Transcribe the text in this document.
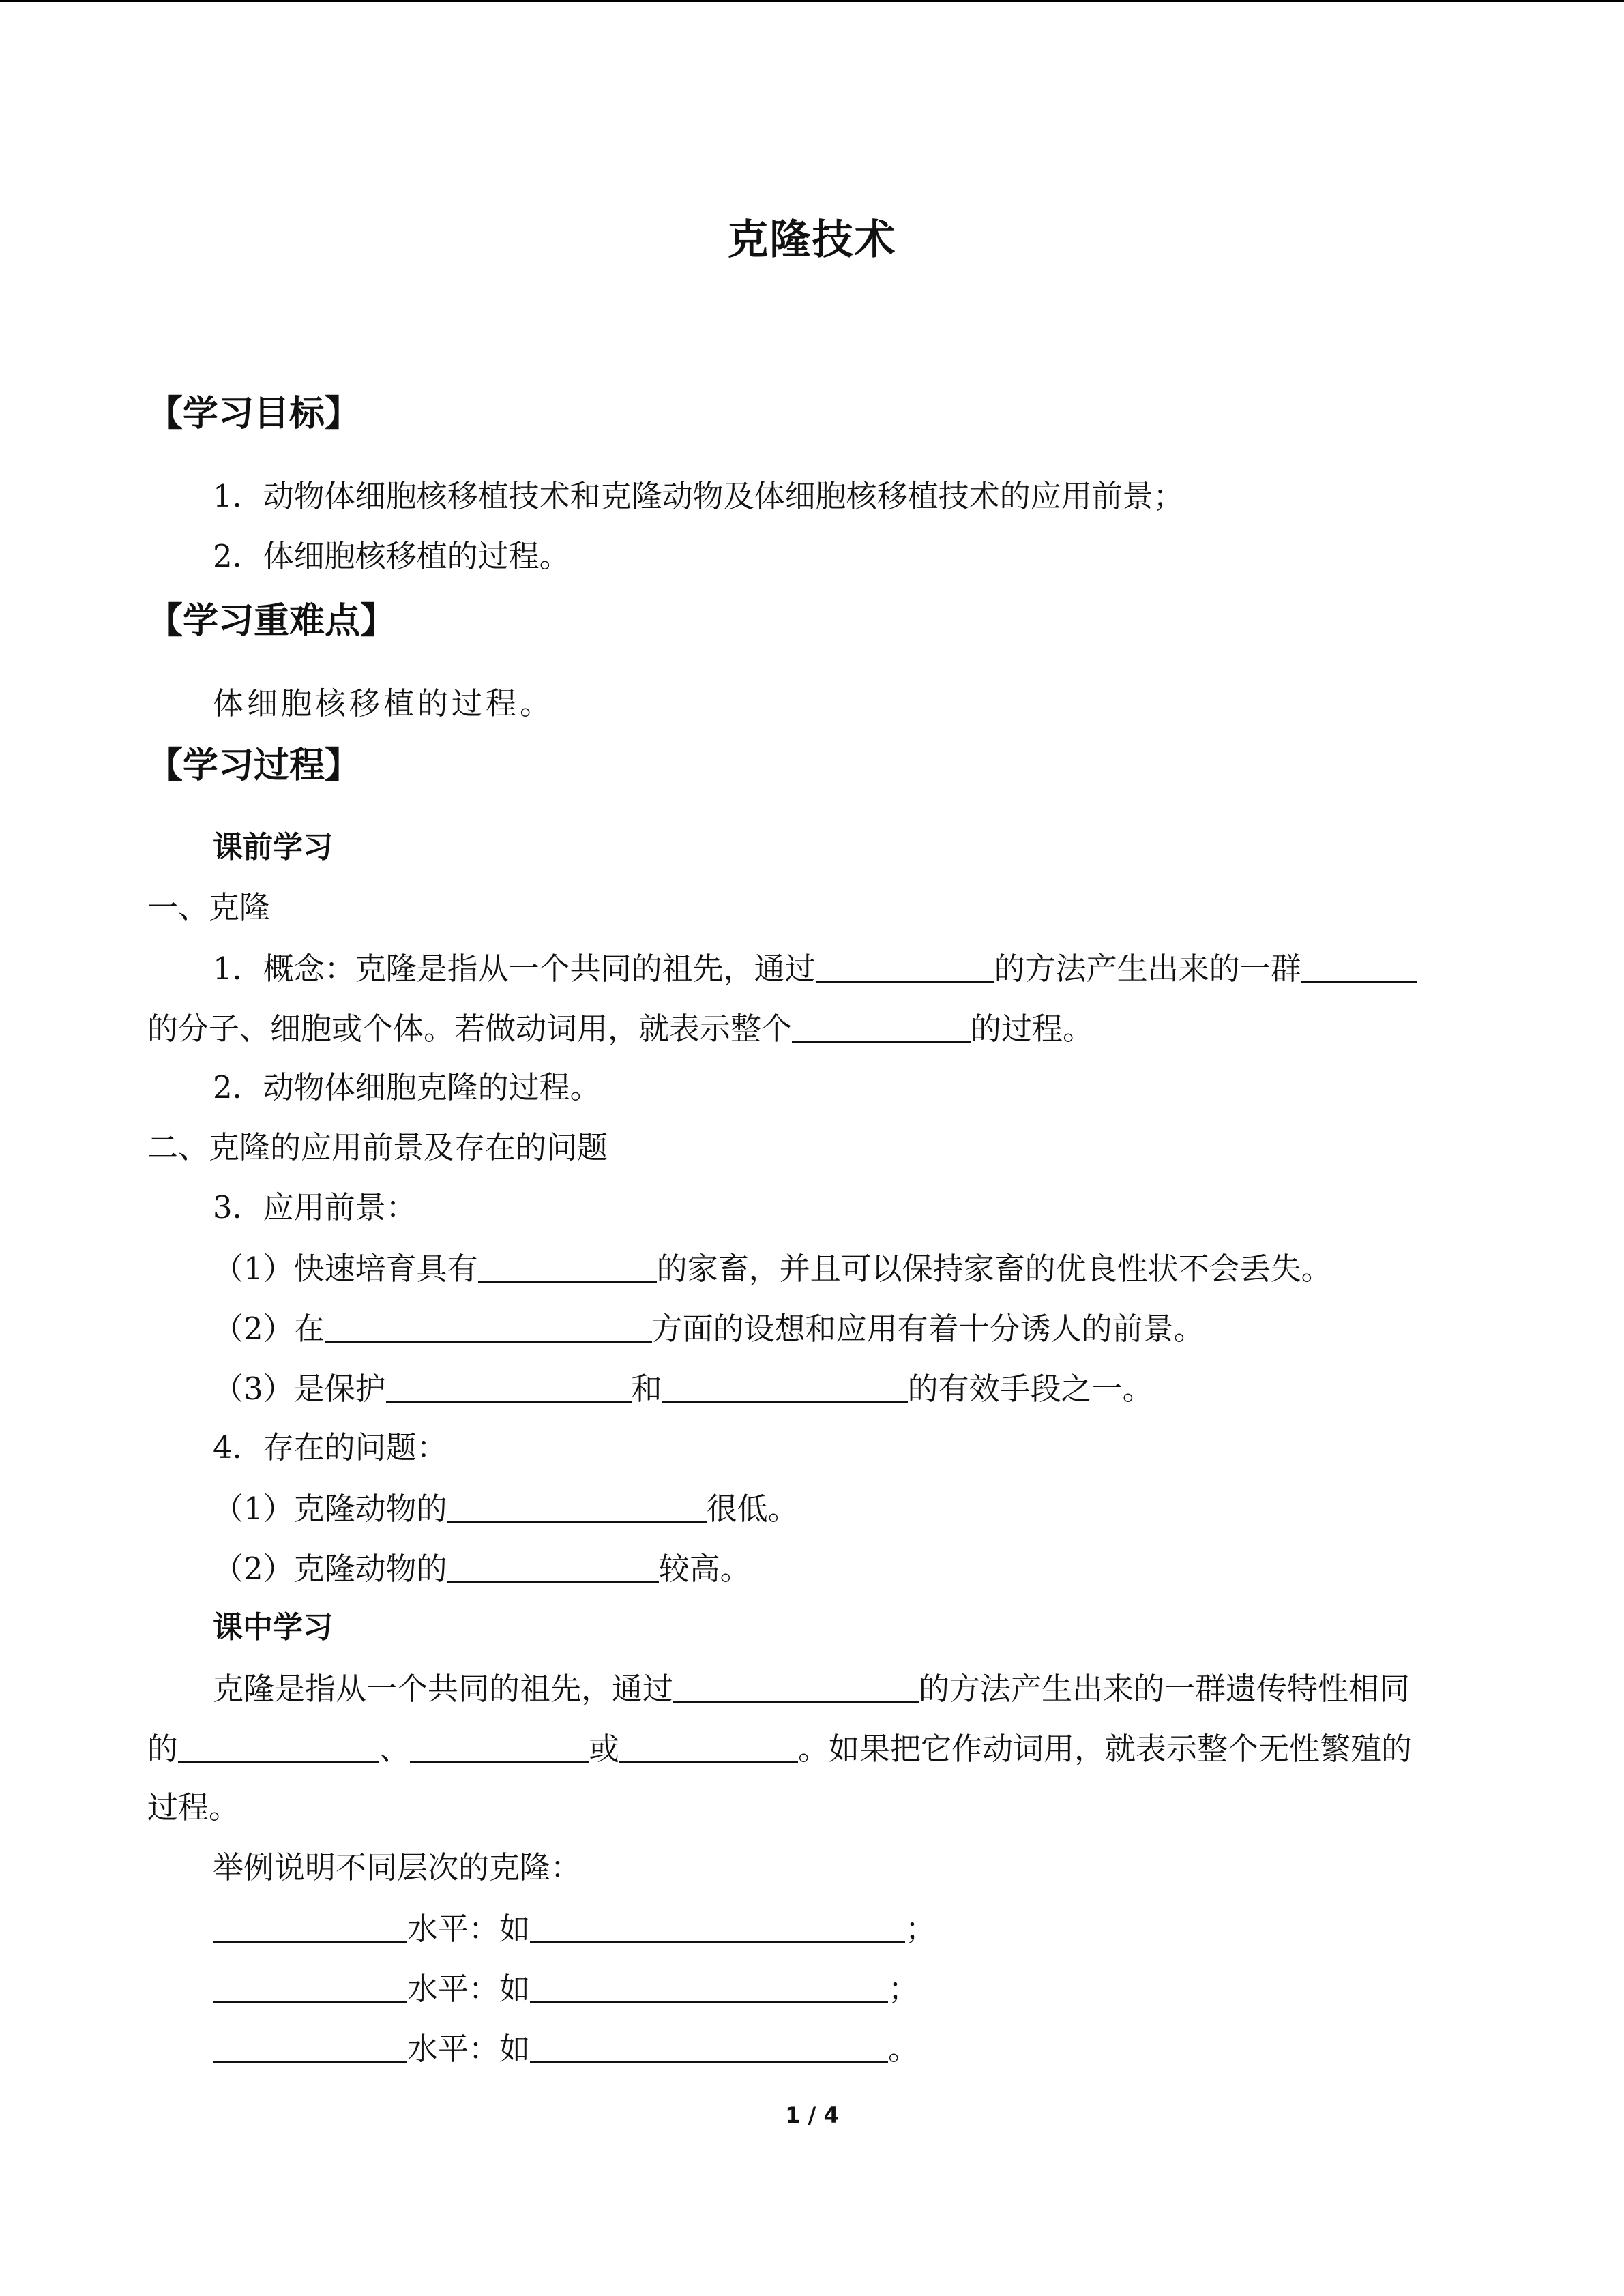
克隆技术
【学习目标】
1．动物体细胞核移植技术和克隆动物及体细胞核移植技术的应用前景；
2．体细胞核移植的过程。
【学习重难点】
体细胞核移植的过程。
【学习过程】
课前学习
一、克隆
1．概念：克隆是指从一个共同的祖先，通过	的方法产生出来的一群
的分子、细胞或个体。若做动词用，就表示整个	的过程。
2．动物体细胞克隆的过程。
二、克隆的应用前景及存在的问题
3．应用前景：
（1）快速培育具有	的家畜，并且可以保持家畜的优良性状不会丢失。
（2）在	方面的设想和应用有着十分诱人的前景。
（3）是保护	和	的有效手段之一。
4．存在的问题：
（1）克隆动物的	很低。
（2）克隆动物的	较高。
课中学习
克隆是指从一个共同的祖先，通过	的方法产生出来的一群遗传特性相同
的	、	或	。如果把它作动词用，就表示整个无性繁殖的
过程。
举例说明不同层次的克隆：
水平：如	；
水平：如	；
水平：如	。
1 / 4
